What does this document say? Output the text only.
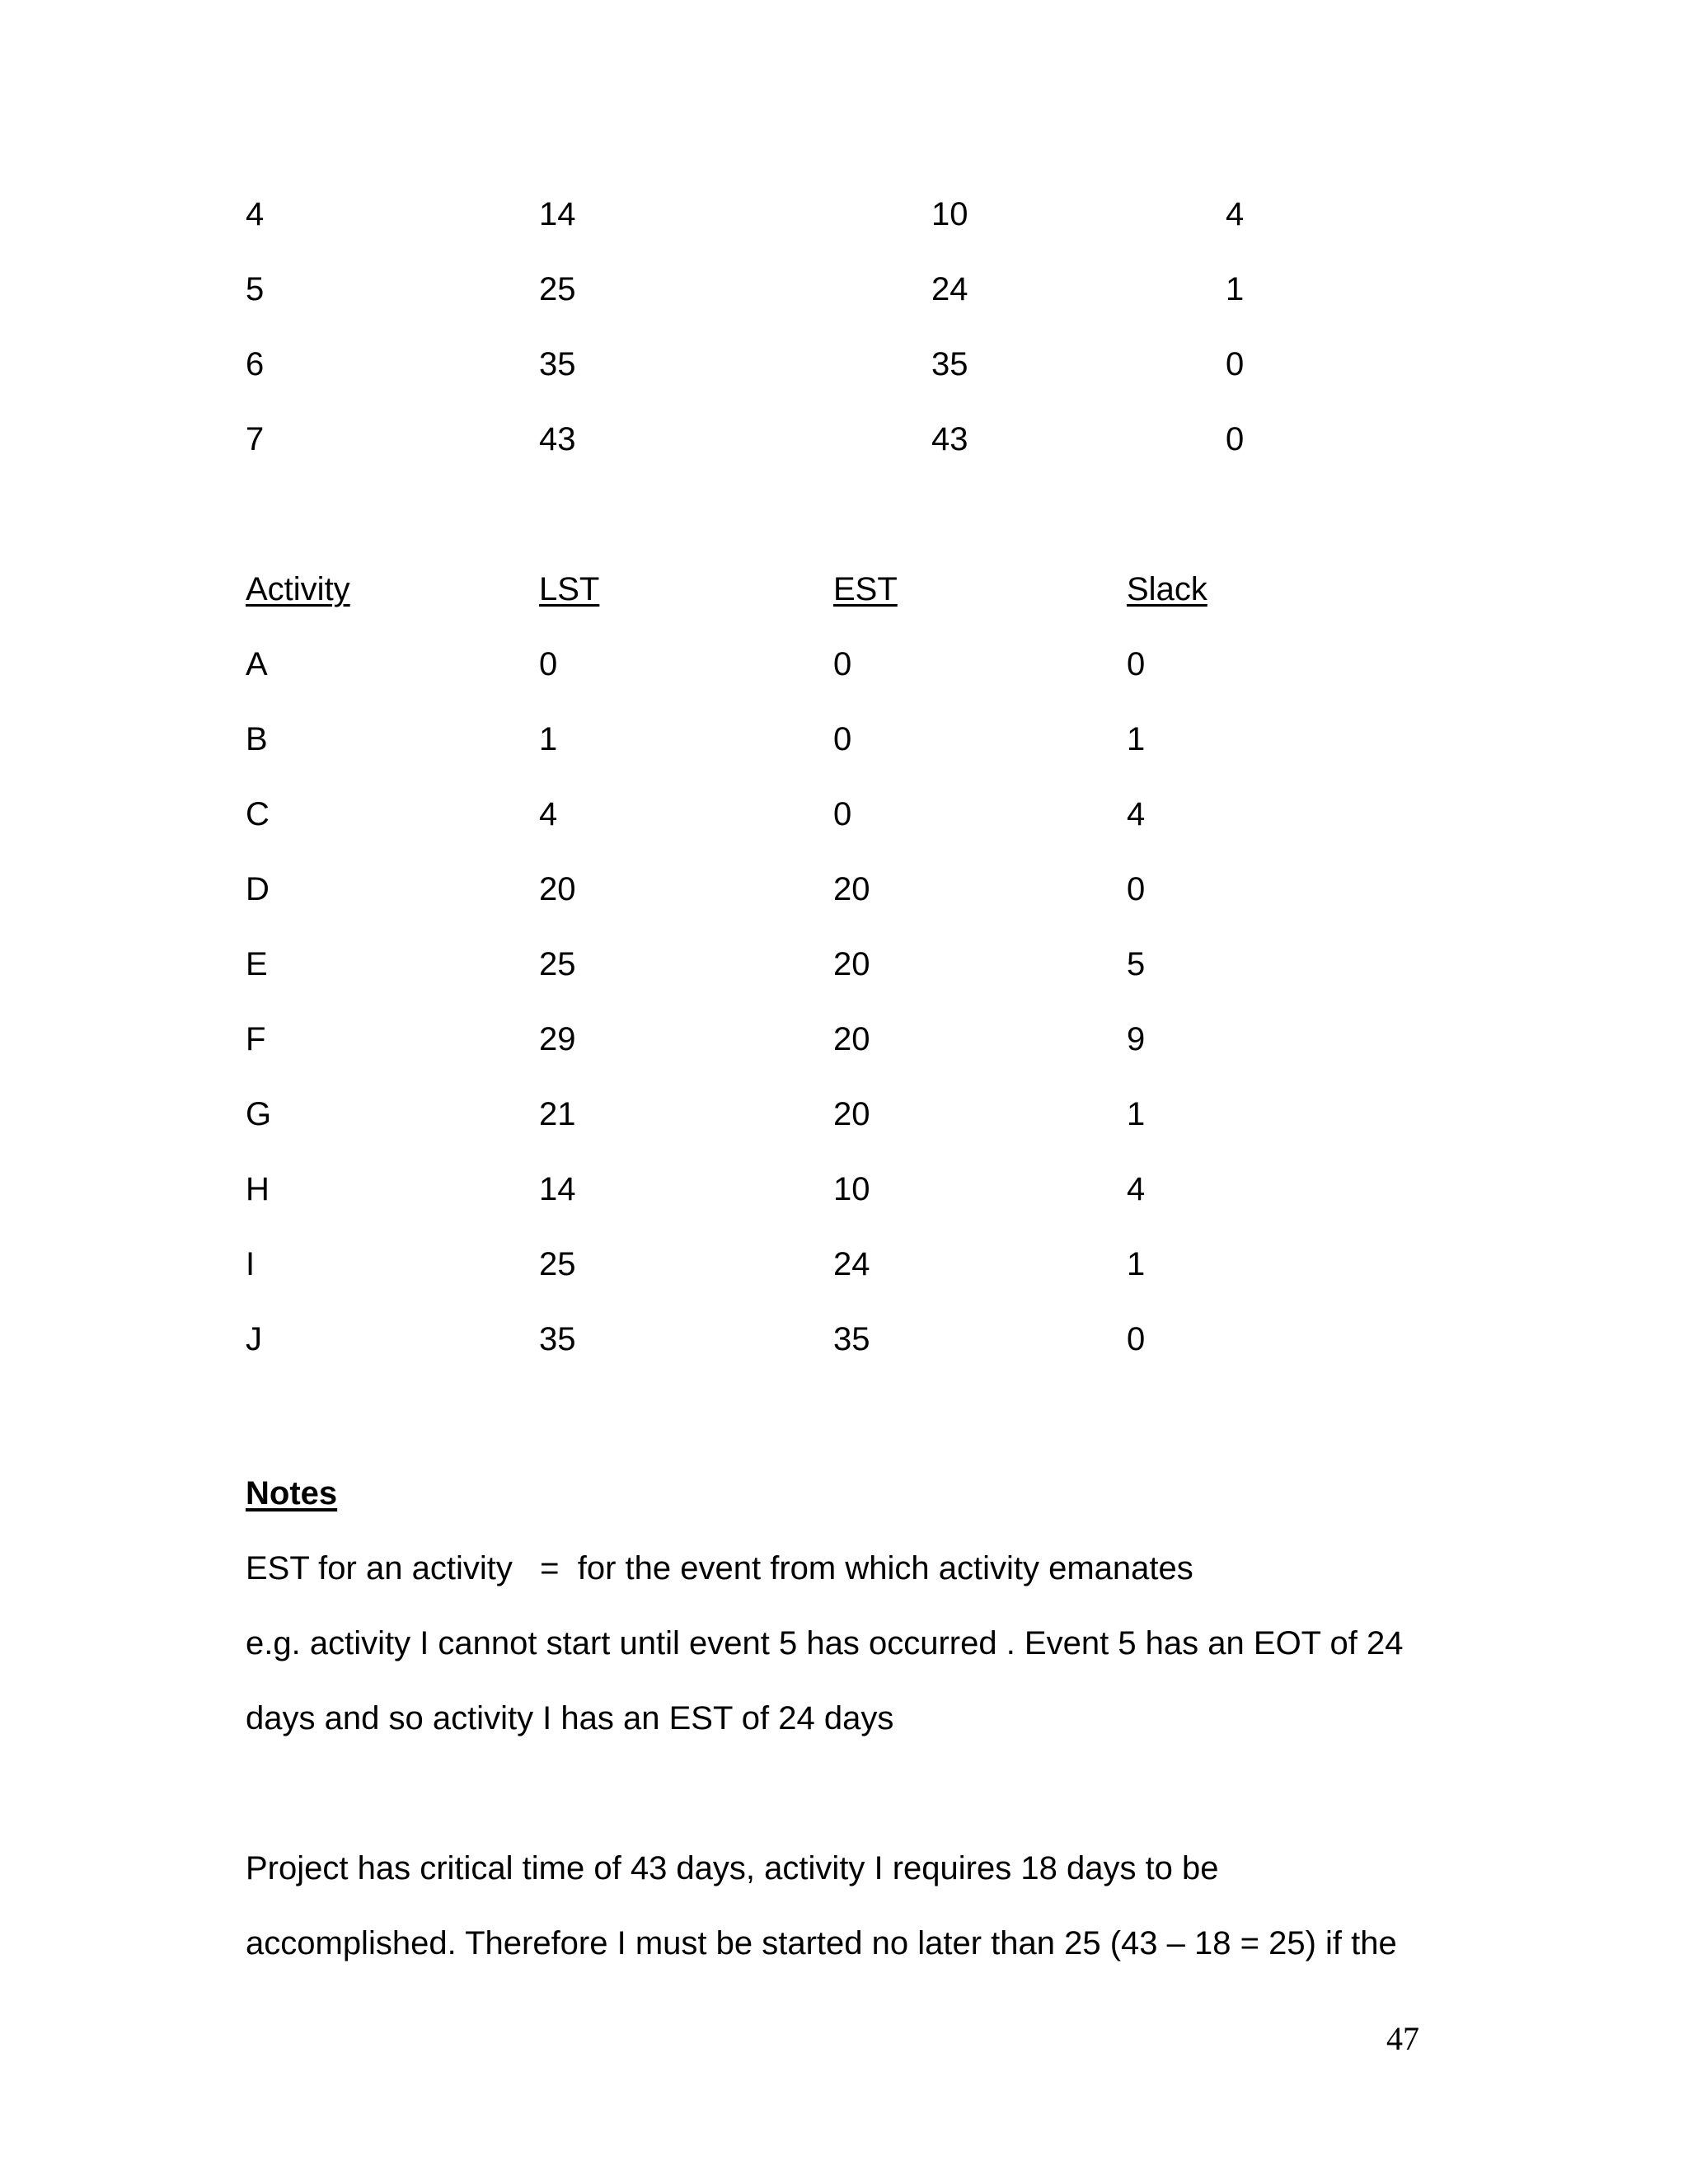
4	14	10	4
5	25	24	1
6	35	35	0
7	43	43	0
Activity	LST	EST	Slack
A	0	0	0
B	1	0	1
C	4	0	4
D	20	20	0
E	25	20	5
F	29	20	9
G	21	20	1
H	14	10	4
I	25	24	1
J	35	35	0
Notes
EST for an activity   =  for the event from which activity emanates
e.g. activity I cannot start until event 5 has occurred . Event 5 has an EOT of 24
days and so activity I has an EST of 24 days
Project has critical time of 43 days, activity I requires 18 days to be
accomplished. Therefore I must be started no later than 25 (43 – 18 = 25) if the
47
